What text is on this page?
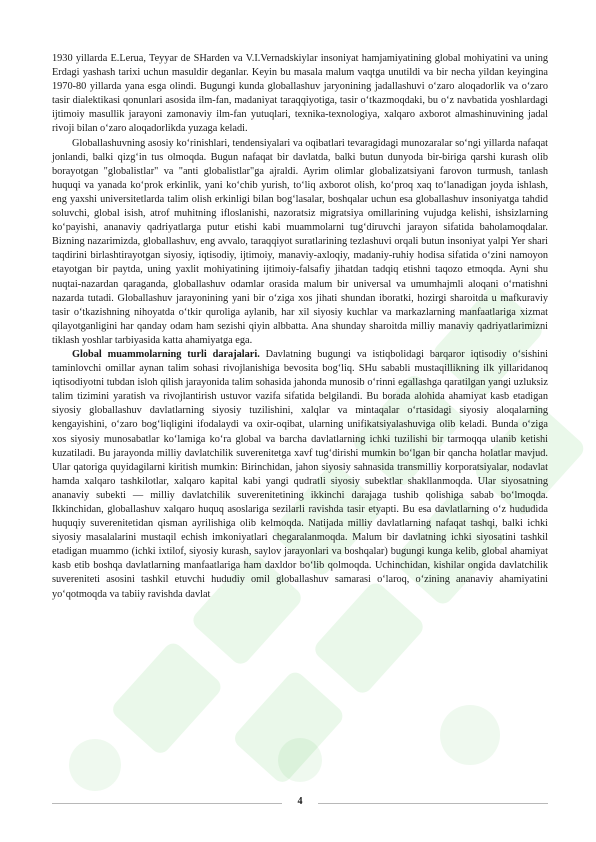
1930 yillarda E.Lerua, Teyyar de SHarden va V.I.Vernadskiylar insoniyat hamjamiyatining global mohiyatini va uning Erdagi yashash tarixi uchun masuldir deganlar. Keyin bu masala malum vaqtga unutildi va bir necha yildan keyingina 1970-80 yillarda yana esga olindi. Bugungi kunda globallashuv jaryonining jadallashuvi o‘zaro aloqadorlik va o‘zaro tasir dialektikasi qonunlari asosida ilm-fan, madaniyat taraqqiyotiga, tasir o‘tkazmoqdaki, bu o‘z navbatida yoshlardagi ijtimoiy masullik jarayoni zamonaviy ilm-fan yutuqlari, texnika-texnologiya, xalqaro axborot almashinuvining jadal rivoji bilan o‘zaro aloqadorlikda yuzaga keladi.

Globallashuvning asosiy ko‘rinishlari, tendensiyalari va oqibatlari tevaragidagi munozaralar so‘ngi yillarda nafaqat jonlandi, balki qizg‘in tus olmoqda. Bugun nafaqat bir davlatda, balki butun dunyoda bir-biriga qarshi kurash olib borayotgan "globalistlar" va "anti globalistlar"ga ajraldi. Ayrim olimlar globalizatsiyani farovon turmush, tanlash huquqi va yanada ko‘prok erkinlik, yani ko‘chib yurish, to‘liq axborot olish, ko‘proq xaq to‘lanadigan joyda ishlash, eng yaxshi universitetlarda talim olish erkinligi bilan bog‘lasalar, boshqalar uchun esa globallashuv insoniyatga tahdid soluvchi, global isish, atrof muhitning ifloslanishi, nazoratsiz migratsiya omillarining vujudga kelishi, ishsizlarning ko‘payishi, ananaviy qadriyatlarga putur etishi kabi muammolarni tug‘diruvchi jarayon sifatida baholamoqdalar. Bizning nazarimizda, globallashuv, eng avvalo, taraqqiyot suratlarining tezlashuvi orqali butun insoniyat yalpi Yer shari taqdirini birlashtirayotgan siyosiy, iqtisodiy, ijtimoiy, manaviy-axloqiy, madaniy-ruhiy hodisa sifatida o‘zini namoyon etayotgan bir paytda, uning yaxlit mohiyatining ijtimoiy-falsafiy jihatdan tadqiq etishni taqozo etmoqda. Ayni shu nuqtai-nazardan qaraganda, globallashuv odamlar orasida malum bir universal va umumhajmli aloqani o‘rnatishni nazarda tutadi. Globallashuv jarayonining yani bir o‘ziga xos jihati shundan iboratki, hozirgi sharoitda u mafkuraviy tasir o‘tkazishning nihoyatda o‘tkir quroliga aylanib, har xil siyosiy kuchlar va markazlarning manfaatlariga xizmat qilayotganligini har qanday odam ham sezishi qiyin albbatta. Ana shunday sharoitda milliy manaviy qadriyatlarimizni tiklash yoshlar tarbiyasida katta ahamiyatga ega.

Global muammolarning turli darajalari. Davlatning bugungi va istiqbolidagi barqaror iqtisodiy o‘sishini taminlovchi omillar aynan talim sohasi rivojlanishiga bevosita bog‘liq. SHu sababli mustaqillikning ilk yillaridanoq iqtisodiyotni tubdan isloh qilish jarayonida talim sohasida jahonda munosib o‘rinni egallashga qaratilgan yangi uzluksiz talim tizimini yaratish va rivojlantirish ustuvor vazifa sifatida belgilandi. Bu borada alohida ahamiyat kasb etadigan siyosiy globallashuv davlatlarning siyosiy tuzilishini, xalqlar va mintaqalar o‘rtasidagi siyosiy aloqalarning kengayishini, o‘zaro bog‘liqligini ifodalaydi va oxir-oqibat, ularning unifikatsiyalashuviga olib keladi. Bunda o‘ziga xos siyosiy munosabatlar ko‘lamiga ko‘ra global va barcha davlatlarning ichki tuzilishi bir tarmoqqa ulanib ketishi kuzatiladi. Bu jarayonda milliy davlatchilik suverenitetga xavf tug‘dirishi mumkin bo‘lgan bir qancha holatlar mavjud. Ular qatoriga quyidagilarni kiritish mumkin: Birinchidan, jahon siyosiy sahnasida transmilliy korporatsiyalar, nodavlat hamda xalqaro tashkilotlar, xalqaro kapital kabi yangi qudratli siyosiy subektlar shakllanmoqda. Ular siyosatning ananaviy subekti — milliy davlatchilik suverenitetining ikkinchi darajaga tushib qolishiga sabab bo‘lmoqda. Ikkinchidan, globallashuv xalqaro huquq asoslariga sezilarli ravishda tasir etyapti. Bu esa davlatlarning o‘z hududida huquqiy suverenitetidan qisman ayrilishiga olib kelmoqda. Natijada milliy davlatlarning nafaqat tashqi, balki ichki siyosiy masalalarini mustaqil echish imkoniyatlari chegaralanmoqda. Malum bir davlatning ichki siyosatini tashkil etadigan muammo (ichki ixtilof, siyosiy kurash, saylov jarayonlari va boshqalar) bugungi kunga kelib, global ahamiyat kasb etib boshqa davlatlarning manfaatlariga ham daxldor bo‘lib qolmoqda. Uchinchidan, kishilar ongida davlatchilik suvereniteti asosini tashkil etuvchi hududiy omil globallashuv samarasi o‘laroq, o‘zining ananaviy ahamiyatini yo‘qotmoqda va tabiiy ravishda davlat

4
